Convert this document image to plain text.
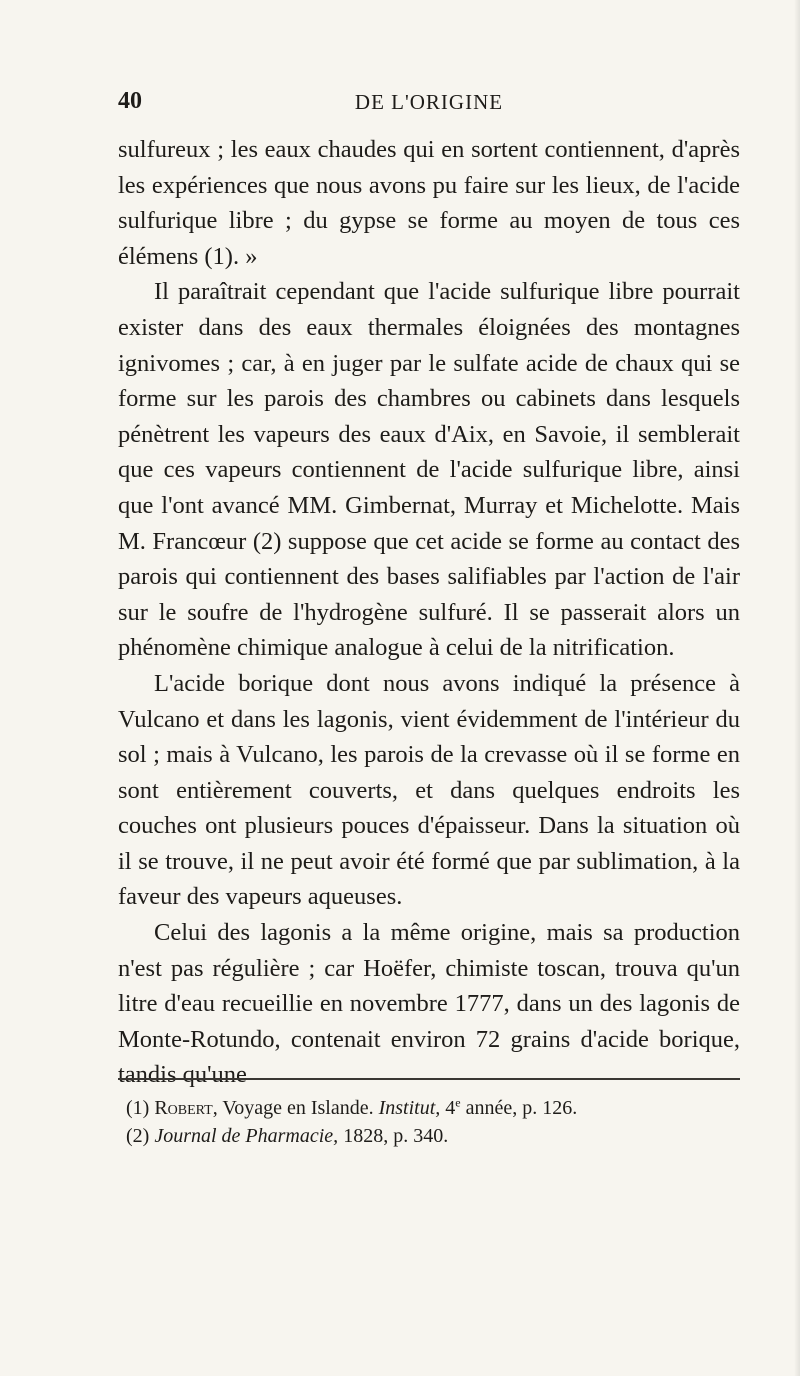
40	DE L'ORIGINE

sulfureux ; les eaux chaudes qui en sortent contiennent, d'après les expériences que nous avons pu faire sur les lieux, de l'acide sulfurique libre ; du gypse se forme au moyen de tous ces élémens (1). »

Il paraîtrait cependant que l'acide sulfurique libre pourrait exister dans des eaux thermales éloignées des montagnes ignivomes ; car, à en juger par le sulfate acide de chaux qui se forme sur les parois des chambres ou cabinets dans lesquels pénètrent les vapeurs des eaux d'Aix, en Savoie, il semblerait que ces vapeurs contiennent de l'acide sulfurique libre, ainsi que l'ont avancé MM. Gimbernat, Murray et Michelotte. Mais M. Francœur (2) suppose que cet acide se forme au contact des parois qui contiennent des bases salifiables par l'action de l'air sur le soufre de l'hydrogène sulfuré. Il se passerait alors un phénomène chimique analogue à celui de la nitrification.

L'acide borique dont nous avons indiqué la présence à Vulcano et dans les lagonis, vient évidemment de l'intérieur du sol ; mais à Vulcano, les parois de la crevasse où il se forme en sont entièrement couverts, et dans quelques endroits les couches ont plusieurs pouces d'épaisseur. Dans la situation où il se trouve, il ne peut avoir été formé que par sublimation, à la faveur des vapeurs aqueuses.

Celui des lagonis a la même origine, mais sa production n'est pas régulière ; car Hoëfer, chimiste toscan, trouva qu'un litre d'eau recueillie en novembre 1777, dans un des lagonis de Monte-Rotundo, contenait environ 72 grains d'acide borique, tandis qu'une

(1) Robert, Voyage en Islande. Institut, 4e année, p. 126.
(2) Journal de Pharmacie, 1828, p. 340.
